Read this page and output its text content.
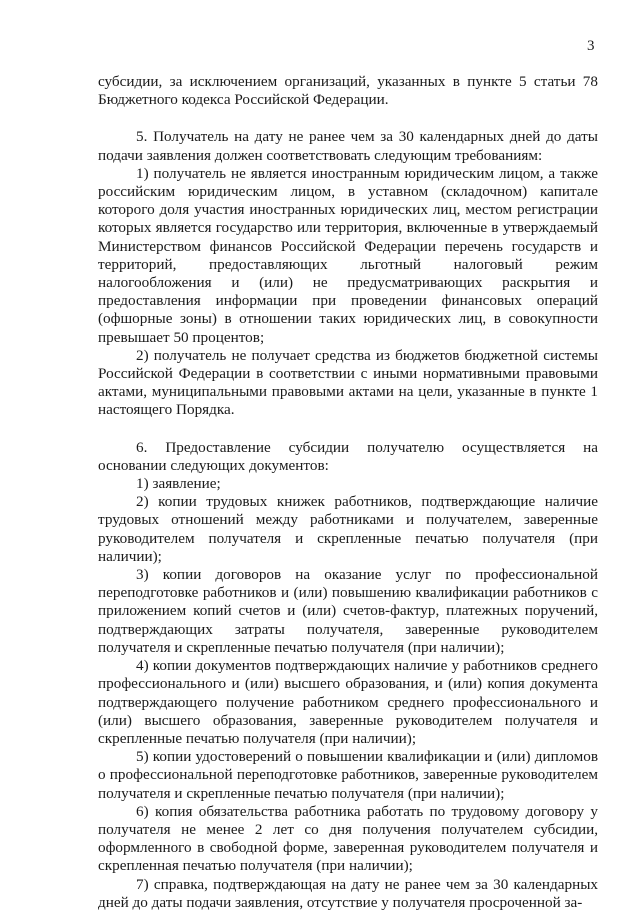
3

субсидии, за исключением организаций, указанных в пункте 5 статьи 78 Бюджетного кодекса Российской Федерации.

5. Получатель на дату не ранее чем за 30 календарных дней до даты подачи заявления должен соответствовать следующим требованиям:

1) получатель не является иностранным юридическим лицом, а также российским юридическим лицом, в уставном (складочном) капитале которого доля участия иностранных юридических лиц, местом регистрации которых является государство или территория, включенные в утверждаемый Министерством финансов Российской Федерации перечень государств и территорий, предоставляющих льготный налоговый режим налогообложения и (или) не предусматривающих раскрытия и предоставления информации при проведении финансовых операций (офшорные зоны) в отношении таких юридических лиц, в совокупности превышает 50 процентов;

2) получатель не получает средства из бюджетов бюджетной системы Российской Федерации в соответствии с иными нормативными правовыми актами, муниципальными правовыми актами на цели, указанные в пункте 1 настоящего Порядка.

6. Предоставление субсидии получателю осуществляется на основании следующих документов:

1) заявление;

2) копии трудовых книжек работников, подтверждающие наличие трудовых отношений между работниками и получателем, заверенные руководителем получателя и скрепленные печатью получателя (при наличии);

3) копии договоров на оказание услуг по профессиональной переподготовке работников и (или) повышению квалификации работников с приложением копий счетов и (или) счетов-фактур, платежных поручений, подтверждающих затраты получателя, заверенные руководителем получателя и скрепленные печатью получателя (при наличии);

4) копии документов подтверждающих наличие у работников среднего профессионального и (или) высшего образования, и (или) копия документа подтверждающего получение работником среднего профессионального и (или) высшего образования, заверенные руководителем получателя и скрепленные печатью получателя (при наличии);

5) копии удостоверений о повышении квалификации и (или) дипломов о профессиональной переподготовке работников, заверенные руководителем получателя и скрепленные печатью получателя (при наличии);

6) копия обязательства работника работать по трудовому договору у получателя не менее 2 лет со дня получения получателем субсидии, оформленного в свободной форме, заверенная руководителем получателя и скрепленная печатью получателя (при наличии);

7) справка, подтверждающая на дату не ранее чем за 30 календарных дней до даты подачи заявления, отсутствие у получателя просроченной за-
